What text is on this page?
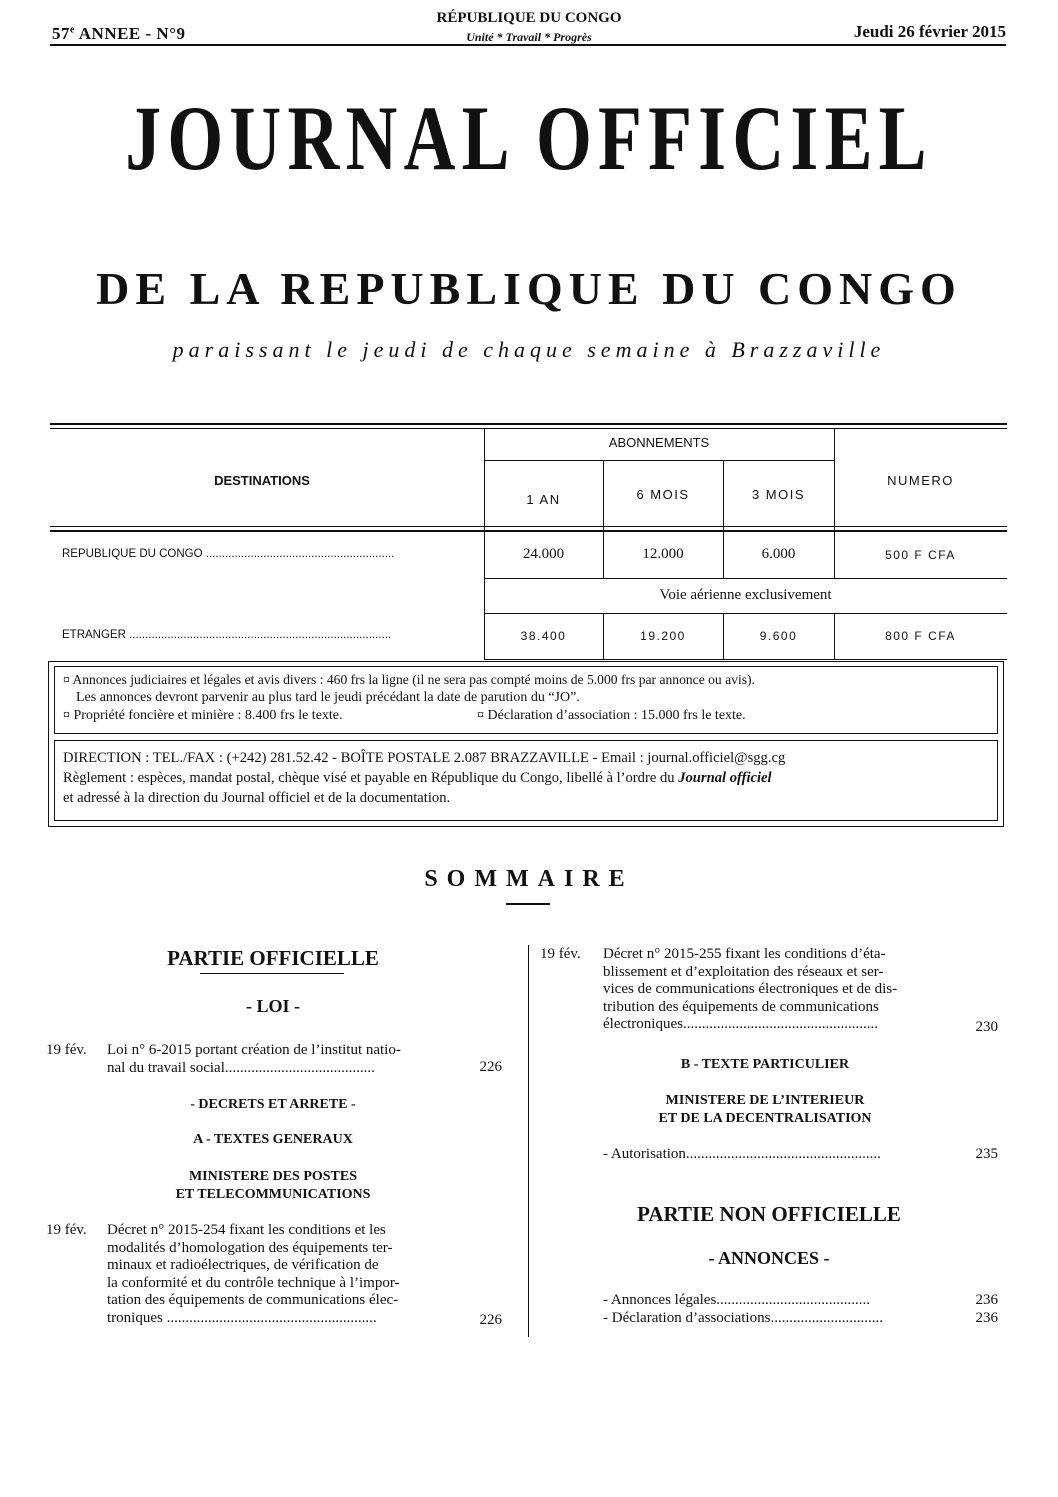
57e ANNEE - N°9
RÉPUBLIQUE DU CONGO
Unité * Travail * Progrès	Jeudi 26 février 2015
JOURNAL OFFICIEL
DE LA REPUBLIQUE DU CONGO
paraissant le jeudi de chaque semaine à Brazzaville
DESTINATIONS
ABONNEMENTS
NUMERO
1 AN	6 MOIS	3 MOIS
REPUBLIQUE DU CONGO ...........................................................	24.000	12.000	6.000	500 F CFA
Voie aérienne exclusivement
ETRANGER ..................................................................................	38.400	19.200	9.600	800 F CFA
¤ Annonces judiciaires et légales et avis divers : 460 frs la ligne (il ne sera pas compté moins de 5.000 frs par annonce ou avis).
Les annonces devront parvenir au plus tard le jeudi précédant la date de parution du “JO”.
¤ Propriété foncière et minière : 8.400 frs le texte.	¤ Déclaration d’association : 15.000 frs le texte.
DIRECTION : TEL./FAX : (+242) 281.52.42 - BOÎTE POSTALE 2.087 BRAZZAVILLE - Email : journal.officiel@sgg.cg
Règlement : espèces, mandat postal, chèque visé et payable en République du Congo, libellé à l’ordre du Journal officiel
et adressé à la direction du Journal officiel et de la documentation.
SOMMAIRE
PARTIE OFFICIELLE
- LOI -
19 fév. Loi n° 6-2015 portant création de l’institut natio-
nal du travail social........................................	226
- DECRETS ET ARRETE -
A - TEXTES GENERAUX
MINISTERE DES POSTES
ET TELECOMMUNICATIONS
19 fév. Décret n° 2015-254 fixant les conditions et les
modalités d’homologation des équipements ter-
minaux et radioélectriques, de vérification de
la conformité et du contrôle technique à l’impor-
tation des équipements de communications élec-
troniques ........................................................	226
19 fév. Décret n° 2015-255 fixant les conditions d’éta-
blissement et d’exploitation des réseaux et ser-
vices de communications électroniques et de dis-
tribution des équipements de communications
électroniques....................................................	230
B - TEXTE PARTICULIER
MINISTERE DE L’INTERIEUR
ET DE LA DECENTRALISATION
- Autorisation....................................................	235
PARTIE NON OFFICIELLE
- ANNONCES -
- Annonces légales.........................................	236
- Déclaration d’associations..............................	236
